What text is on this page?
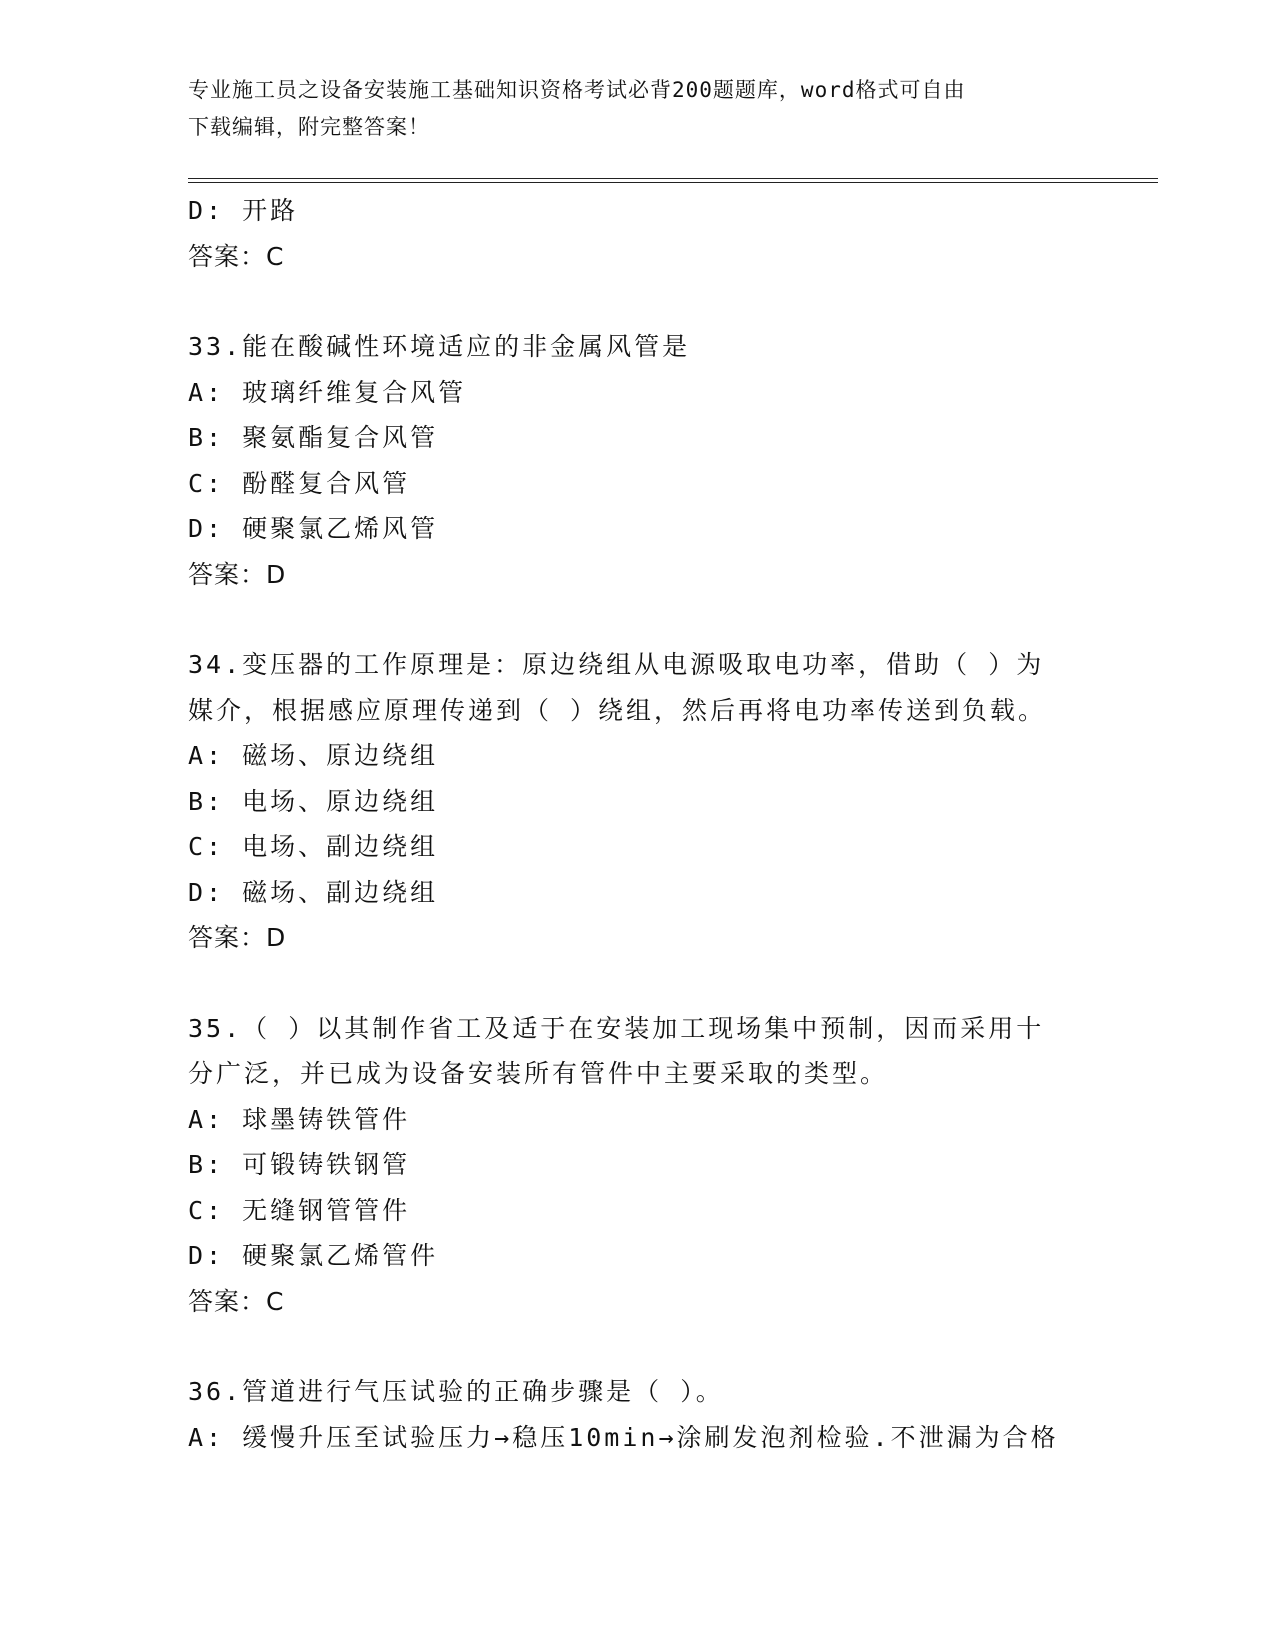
专业施工员之设备安装施工基础知识资格考试必背200题题库，word格式可自由
下载编辑，附完整答案！
D: 开路
答案：C
33.能在酸碱性环境适应的非金属风管是
A: 玻璃纤维复合风管
B: 聚氨酯复合风管
C: 酚醛复合风管
D: 硬聚氯乙烯风管
答案：D
34.变压器的工作原理是：原边绕组从电源吸取电功率，借助（ ）为
媒介，根据感应原理传递到（ ）绕组，然后再将电功率传送到负载。
A: 磁场、原边绕组
B: 电场、原边绕组
C: 电场、副边绕组
D: 磁场、副边绕组
答案：D
35.（ ）以其制作省工及适于在安装加工现场集中预制，因而采用十
分广泛，并已成为设备安装所有管件中主要采取的类型。
A: 球墨铸铁管件
B: 可锻铸铁钢管
C: 无缝钢管管件
D: 硬聚氯乙烯管件
答案：C
36.管道进行气压试验的正确步骤是（ ）。
A: 缓慢升压至试验压力→稳压10min→涂刷发泡剂检验.不泄漏为合格
